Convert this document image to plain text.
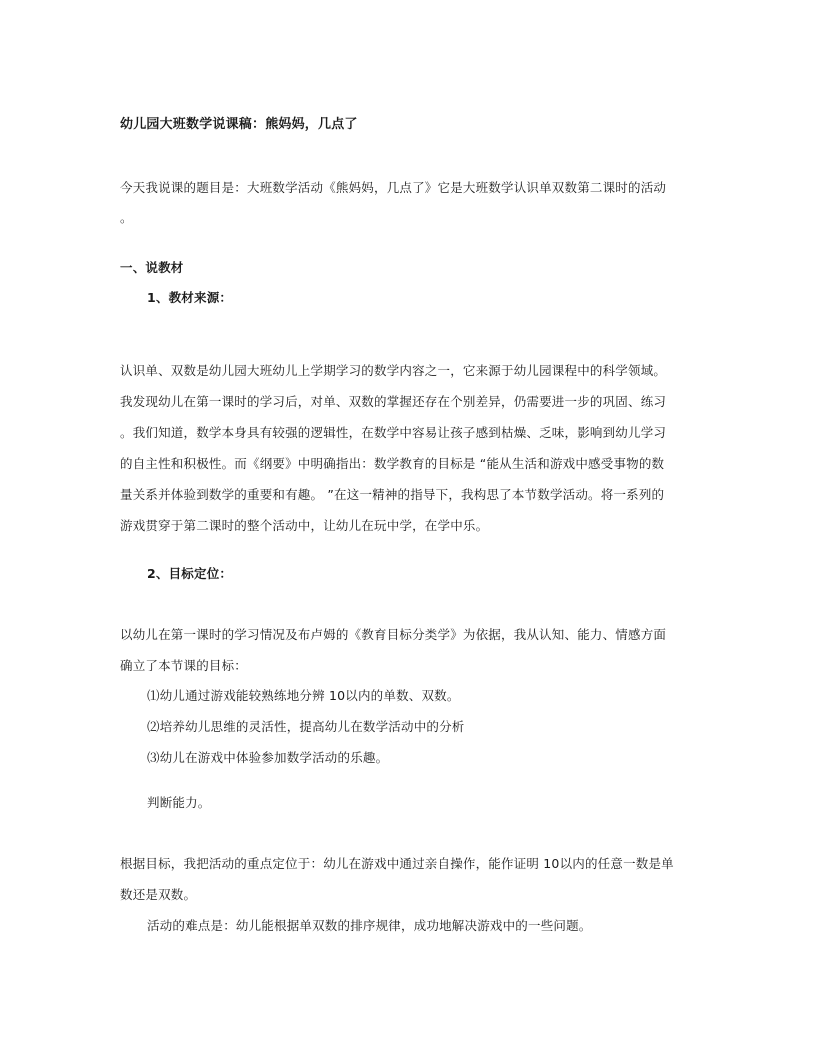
幼儿园大班数学说课稿：熊妈妈，几点了

今天我说课的题目是：大班数学活动《熊妈妈，几点了》它是大班数学认识单双数第二课时的活动

。

一、说教材

1、教材来源：

认识单、双数是幼儿园大班幼儿上学期学习的数学内容之一，它来源于幼儿园课程中的科学领域。

我发现幼儿在第一课时的学习后，对单、双数的掌握还存在个别差异，仍需要进一步的巩固、练习

。我们知道，数学本身具有较强的逻辑性，在数学中容易让孩子感到枯燥、乏味，影响到幼儿学习

的自主性和积极性。而《纲要》中明确指出：数学教育的目标是 “能从生活和游戏中感受事物的数

量关系并体验到数学的重要和有趣。 ”在这一精神的指导下，我构思了本节数学活动。将一系列的

游戏贯穿于第二课时的整个活动中，让幼儿在玩中学，在学中乐。

2、目标定位：

以幼儿在第一课时的学习情况及布卢姆的《教育目标分类学》为依据，我从认知、能力、情感方面

确立了本节课的目标：

⑴幼儿通过游戏能较熟练地分辨 10以内的单数、双数。

⑵培养幼儿思维的灵活性，提高幼儿在数学活动中的分析

⑶幼儿在游戏中体验参加数学活动的乐趣。

判断能力。

根据目标，我把活动的重点定位于：幼儿在游戏中通过亲自操作，能作证明 10以内的任意一数是单

数还是双数。

活动的难点是：幼儿能根据单双数的排序规律，成功地解决游戏中的一些问题。
